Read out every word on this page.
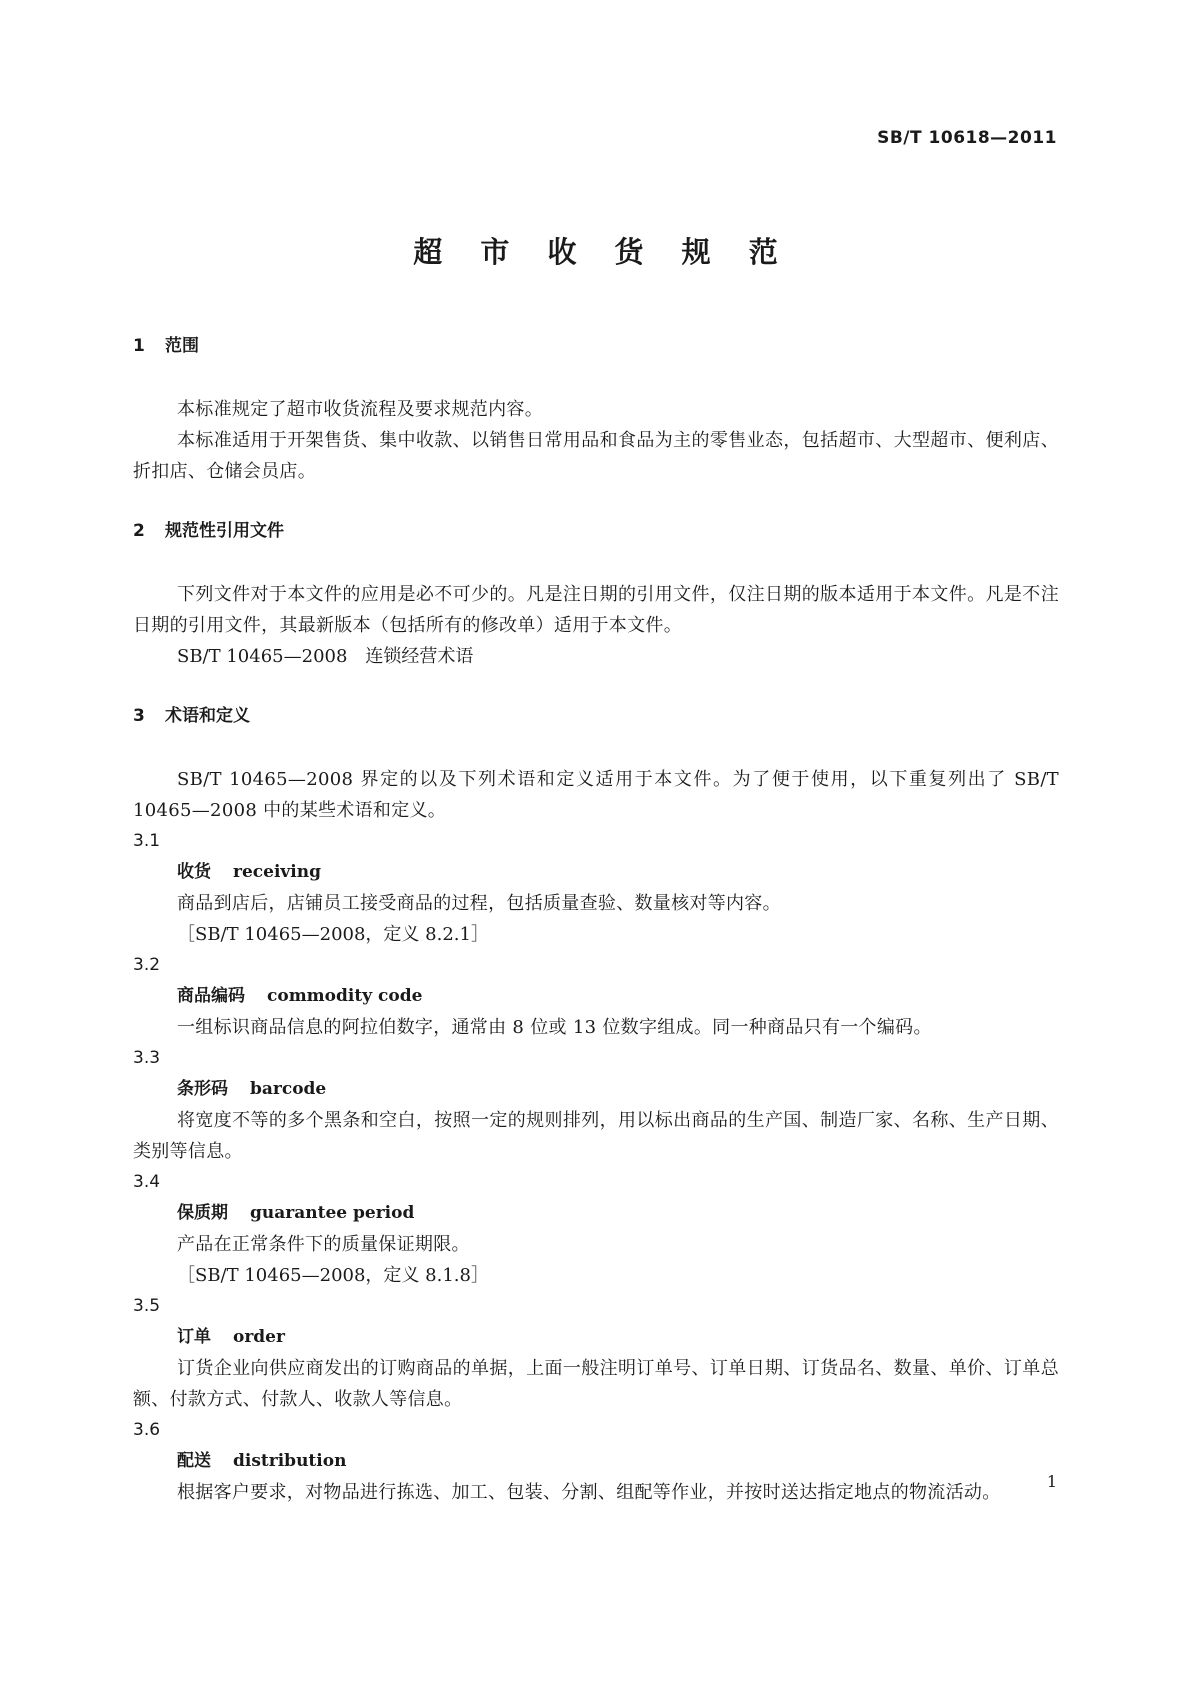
SB/T 10618—2011
超 市 收 货 规 范
1 范围
本标准规定了超市收货流程及要求规范内容。
本标准适用于开架售货、集中收款、以销售日常用品和食品为主的零售业态，包括超市、大型超市、便利店、折扣店、仓储会员店。
2 规范性引用文件
下列文件对于本文件的应用是必不可少的。凡是注日期的引用文件，仅注日期的版本适用于本文件。凡是不注日期的引用文件，其最新版本（包括所有的修改单）适用于本文件。
SB/T 10465—2008　连锁经营术语
3 术语和定义
SB/T 10465—2008 界定的以及下列术语和定义适用于本文件。为了便于使用，以下重复列出了 SB/T 10465—2008 中的某些术语和定义。
3.1
收货 receiving
商品到店后，店铺员工接受商品的过程，包括质量查验、数量核对等内容。
［SB/T 10465—2008，定义 8.2.1］
3.2
商品编码 commodity code
一组标识商品信息的阿拉伯数字，通常由 8 位或 13 位数字组成。同一种商品只有一个编码。
3.3
条形码 barcode
将宽度不等的多个黑条和空白，按照一定的规则排列，用以标出商品的生产国、制造厂家、名称、生产日期、类别等信息。
3.4
保质期 guarantee period
产品在正常条件下的质量保证期限。
［SB/T 10465—2008，定义 8.1.8］
3.5
订单 order
订货企业向供应商发出的订购商品的单据，上面一般注明订单号、订单日期、订货品名、数量、单价、订单总额、付款方式、付款人、收款人等信息。
3.6
配送 distribution
根据客户要求，对物品进行拣选、加工、包装、分割、组配等作业，并按时送达指定地点的物流活动。
1
